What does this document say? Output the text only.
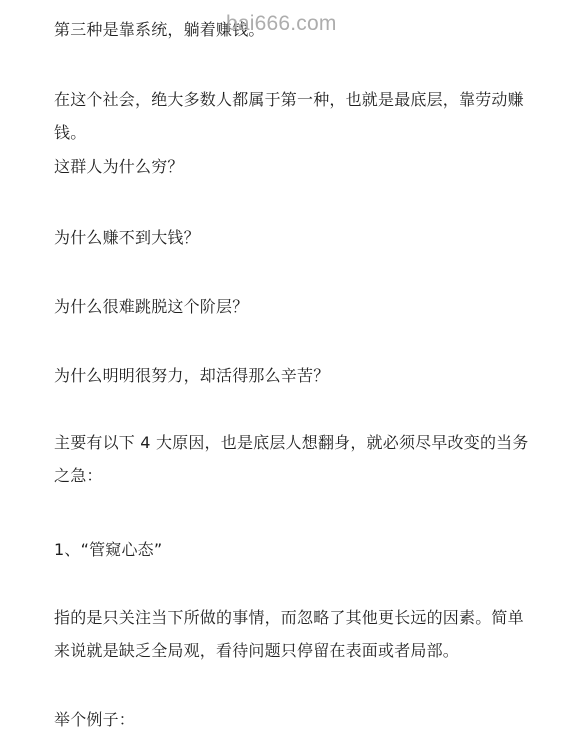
第三种是靠系统，躺着赚钱。

在这个社会，绝大多数人都属于第一种，也就是最底层，靠劳动赚钱。

这群人为什么穷？

为什么赚不到大钱？

为什么很难跳脱这个阶层？

为什么明明很努力，却活得那么辛苦？

主要有以下 4 大原因，也是底层人想翻身，就必须尽早改变的当务之急：

1、“管窥心态”

指的是只关注当下所做的事情，而忽略了其他更长远的因素。简单来说就是缺乏全局观，看待问题只停留在表面或者局部。

举个例子：

bai666.com
